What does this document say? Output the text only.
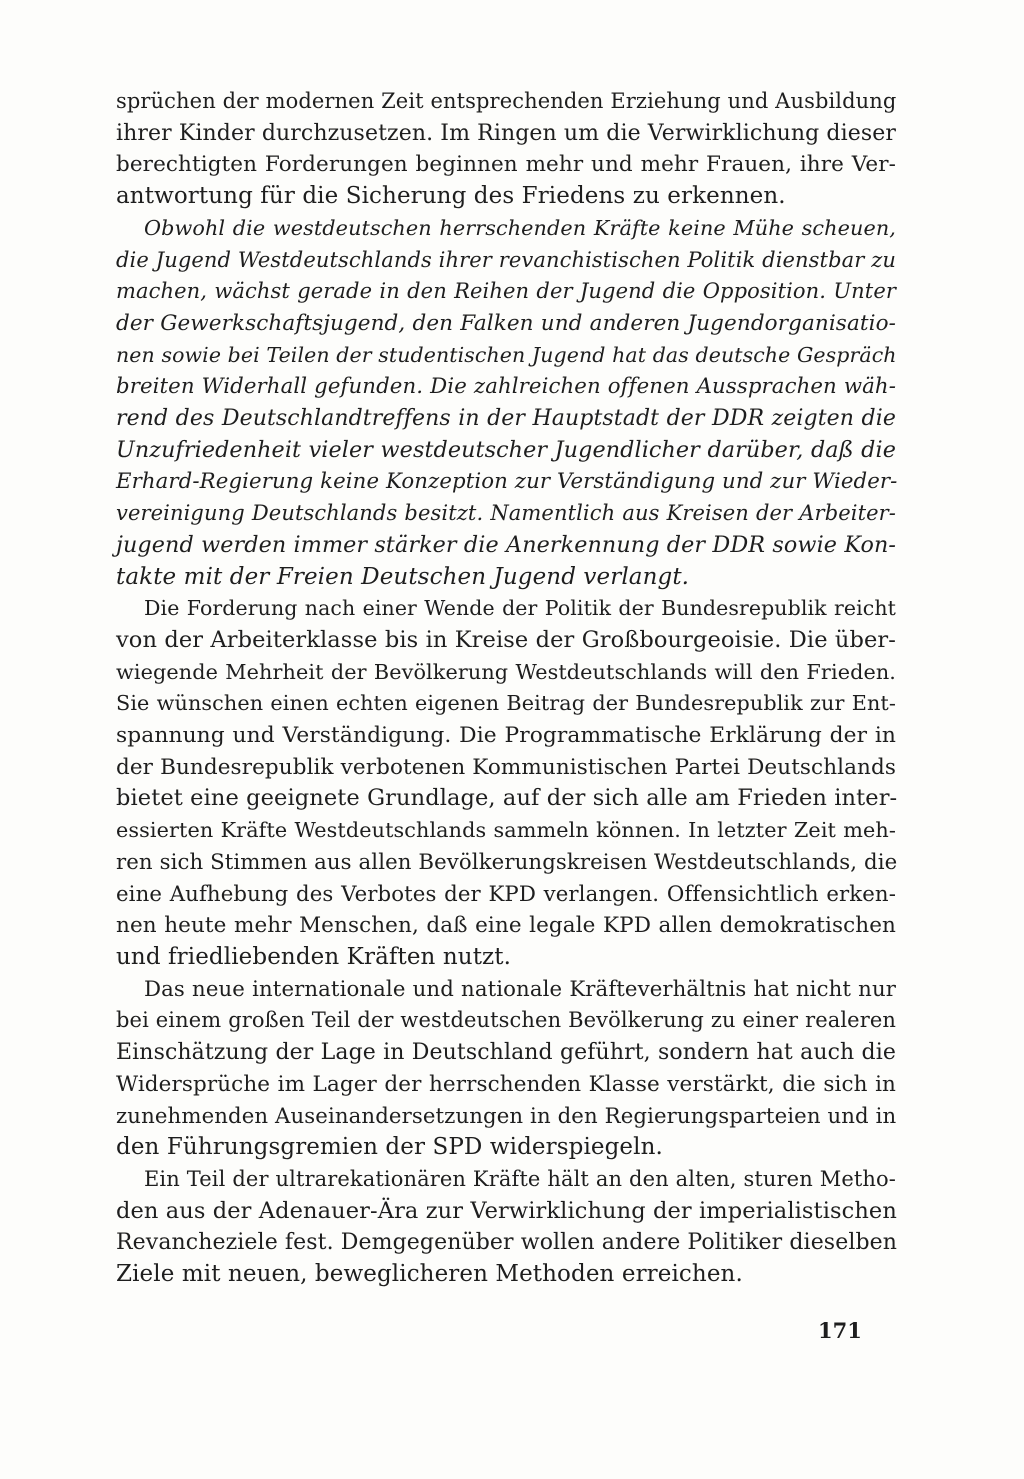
sprüchen der modernen Zeit entsprechenden Erziehung und Ausbildung
ihrer Kinder durchzusetzen. Im Ringen um die Verwirklichung dieser
berechtigten Forderungen beginnen mehr und mehr Frauen, ihre Ver-
antwortung für die Sicherung des Friedens zu erkennen.
Obwohl die westdeutschen herrschenden Kräfte keine Mühe scheuen,
die Jugend Westdeutschlands ihrer revanchistischen Politik dienstbar zu
machen, wächst gerade in den Reihen der Jugend die Opposition. Unter
der Gewerkschaftsjugend, den Falken und anderen Jugendorganisatio-
nen sowie bei Teilen der studentischen Jugend hat das deutsche Gespräch
breiten Widerhall gefunden. Die zahlreichen offenen Aussprachen wäh-
rend des Deutschlandtreffens in der Hauptstadt der DDR zeigten die
Unzufriedenheit vieler westdeutscher Jugendlicher darüber, daß die
Erhard-Regierung keine Konzeption zur Verständigung und zur Wieder-
vereinigung Deutschlands besitzt. Namentlich aus Kreisen der Arbeiter-
jugend werden immer stärker die Anerkennung der DDR sowie Kon-
takte mit der Freien Deutschen Jugend verlangt.
Die Forderung nach einer Wende der Politik der Bundesrepublik reicht
von der Arbeiterklasse bis in Kreise der Großbourgeoisie. Die über-
wiegende Mehrheit der Bevölkerung Westdeutschlands will den Frieden.
Sie wünschen einen echten eigenen Beitrag der Bundesrepublik zur Ent-
spannung und Verständigung. Die Programmatische Erklärung der in
der Bundesrepublik verbotenen Kommunistischen Partei Deutschlands
bietet eine geeignete Grundlage, auf der sich alle am Frieden inter-
essierten Kräfte Westdeutschlands sammeln können. In letzter Zeit meh-
ren sich Stimmen aus allen Bevölkerungskreisen Westdeutschlands, die
eine Aufhebung des Verbotes der KPD verlangen. Offensichtlich erken-
nen heute mehr Menschen, daß eine legale KPD allen demokratischen
und friedliebenden Kräften nutzt.
Das neue internationale und nationale Kräfteverhältnis hat nicht nur
bei einem großen Teil der westdeutschen Bevölkerung zu einer realeren
Einschätzung der Lage in Deutschland geführt, sondern hat auch die
Widersprüche im Lager der herrschenden Klasse verstärkt, die sich in
zunehmenden Auseinandersetzungen in den Regierungsparteien und in
den Führungsgremien der SPD widerspiegeln.
Ein Teil der ultrarekationären Kräfte hält an den alten, sturen Metho-
den aus der Adenauer-Ära zur Verwirklichung der imperialistischen
Revancheziele fest. Demgegenüber wollen andere Politiker dieselben
Ziele mit neuen, beweglicheren Methoden erreichen.
171
